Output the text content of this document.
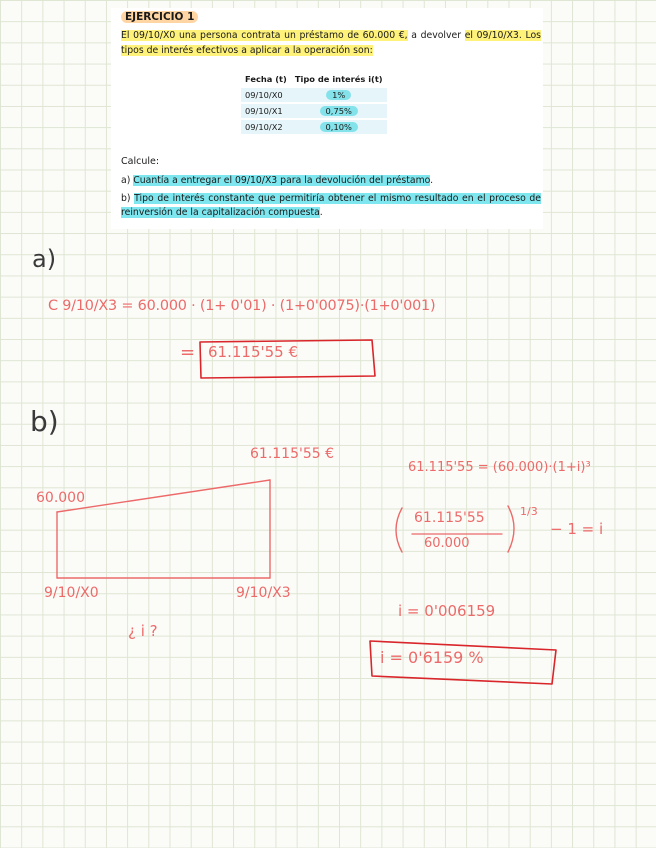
EJERCICIO 1
El 09/10/X0 una persona contrata un préstamo de 60.000 €, a devolver el 09/10/X3. Los tipos de interés efectivos a aplicar a la operación son:
Fecha (t)	Tipo de interés i(t)
09/10/X0	1%
09/10/X1	0,75%
09/10/X2	0,10%
Calcule:
a) Cuantía a entregar el 09/10/X3 para la devolución del préstamo.
b) Tipo de interés constante que permitiría obtener el mismo resultado en el proceso de reinversión de la capitalización compuesta.
a)
C 9/10/X3 = 60.000 · (1+ 0'01) · (1+0'0075)·(1+0'001)
= 61.115'55 €
b)
61.115'55 €
60.000
9/10/X0	9/10/X3
¿ i ?
61.115'55 = (60.000)·(1+i)³
61.115'55
60.000
1/3
− 1 = i
i = 0'006159
i = 0'6159 %
